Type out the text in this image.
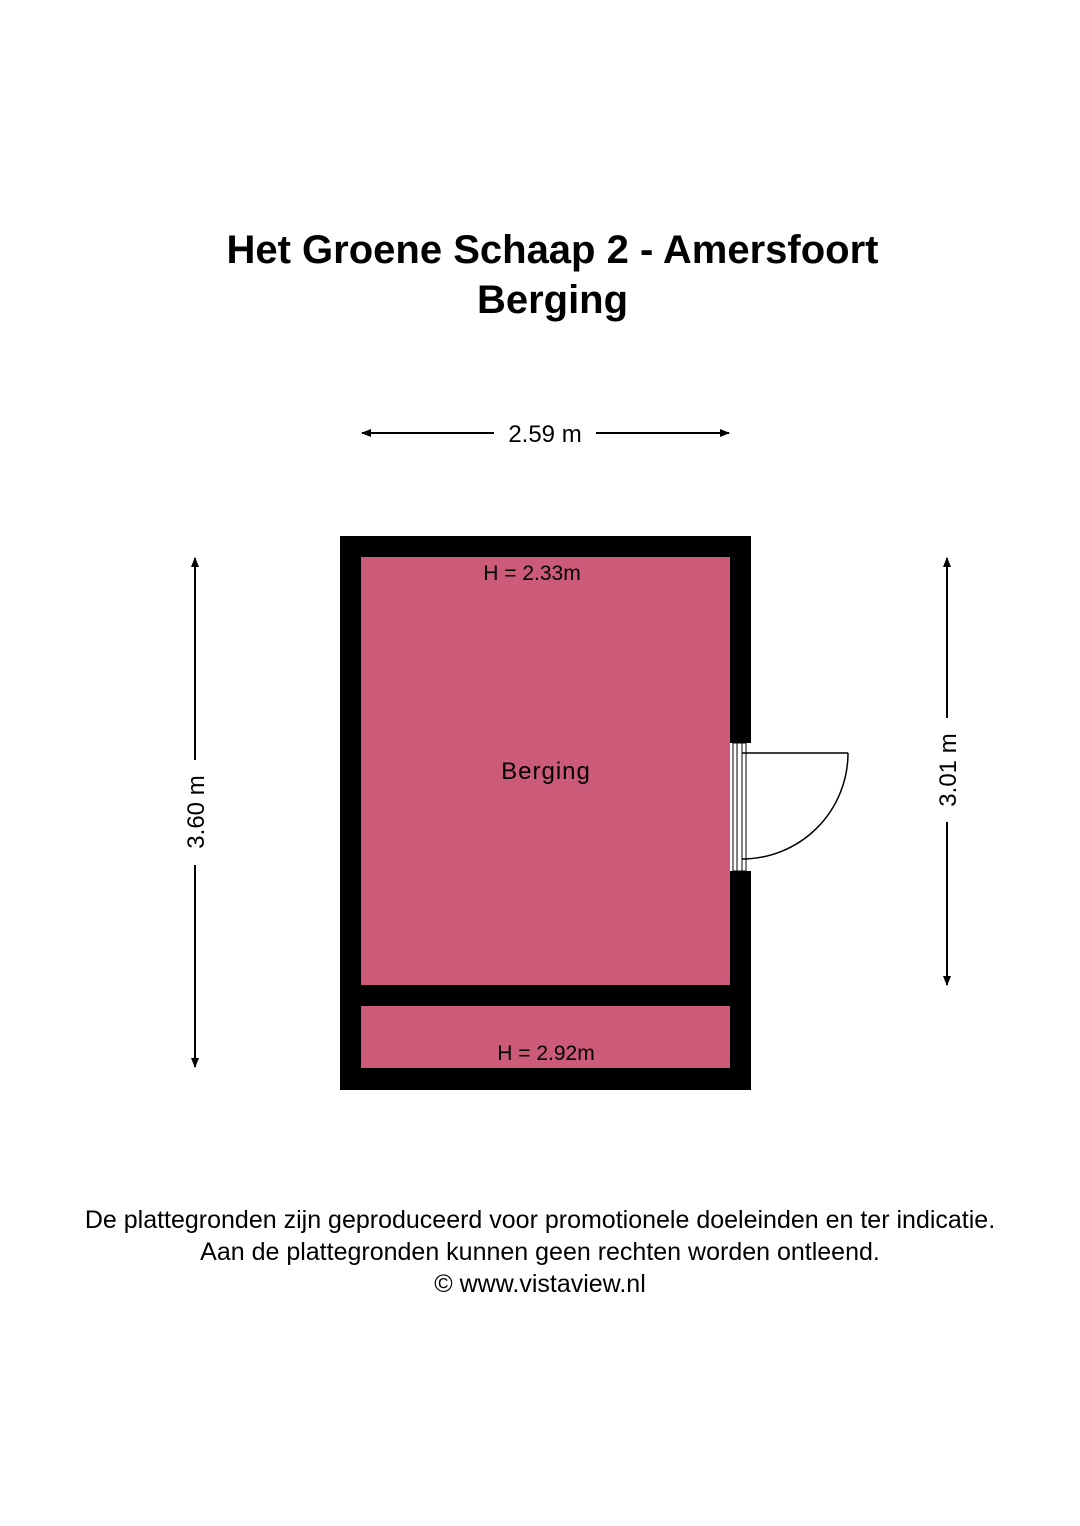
Het Groene Schaap 2 - Amersfoort
Berging
2.59 m
3.60 m
3.01 m
H = 2.33m
Berging
H = 2.92m
De plattegronden zijn geproduceerd voor promotionele doeleinden en ter indicatie.
Aan de plattegronden kunnen geen rechten worden ontleend.
© www.vistaview.nl
